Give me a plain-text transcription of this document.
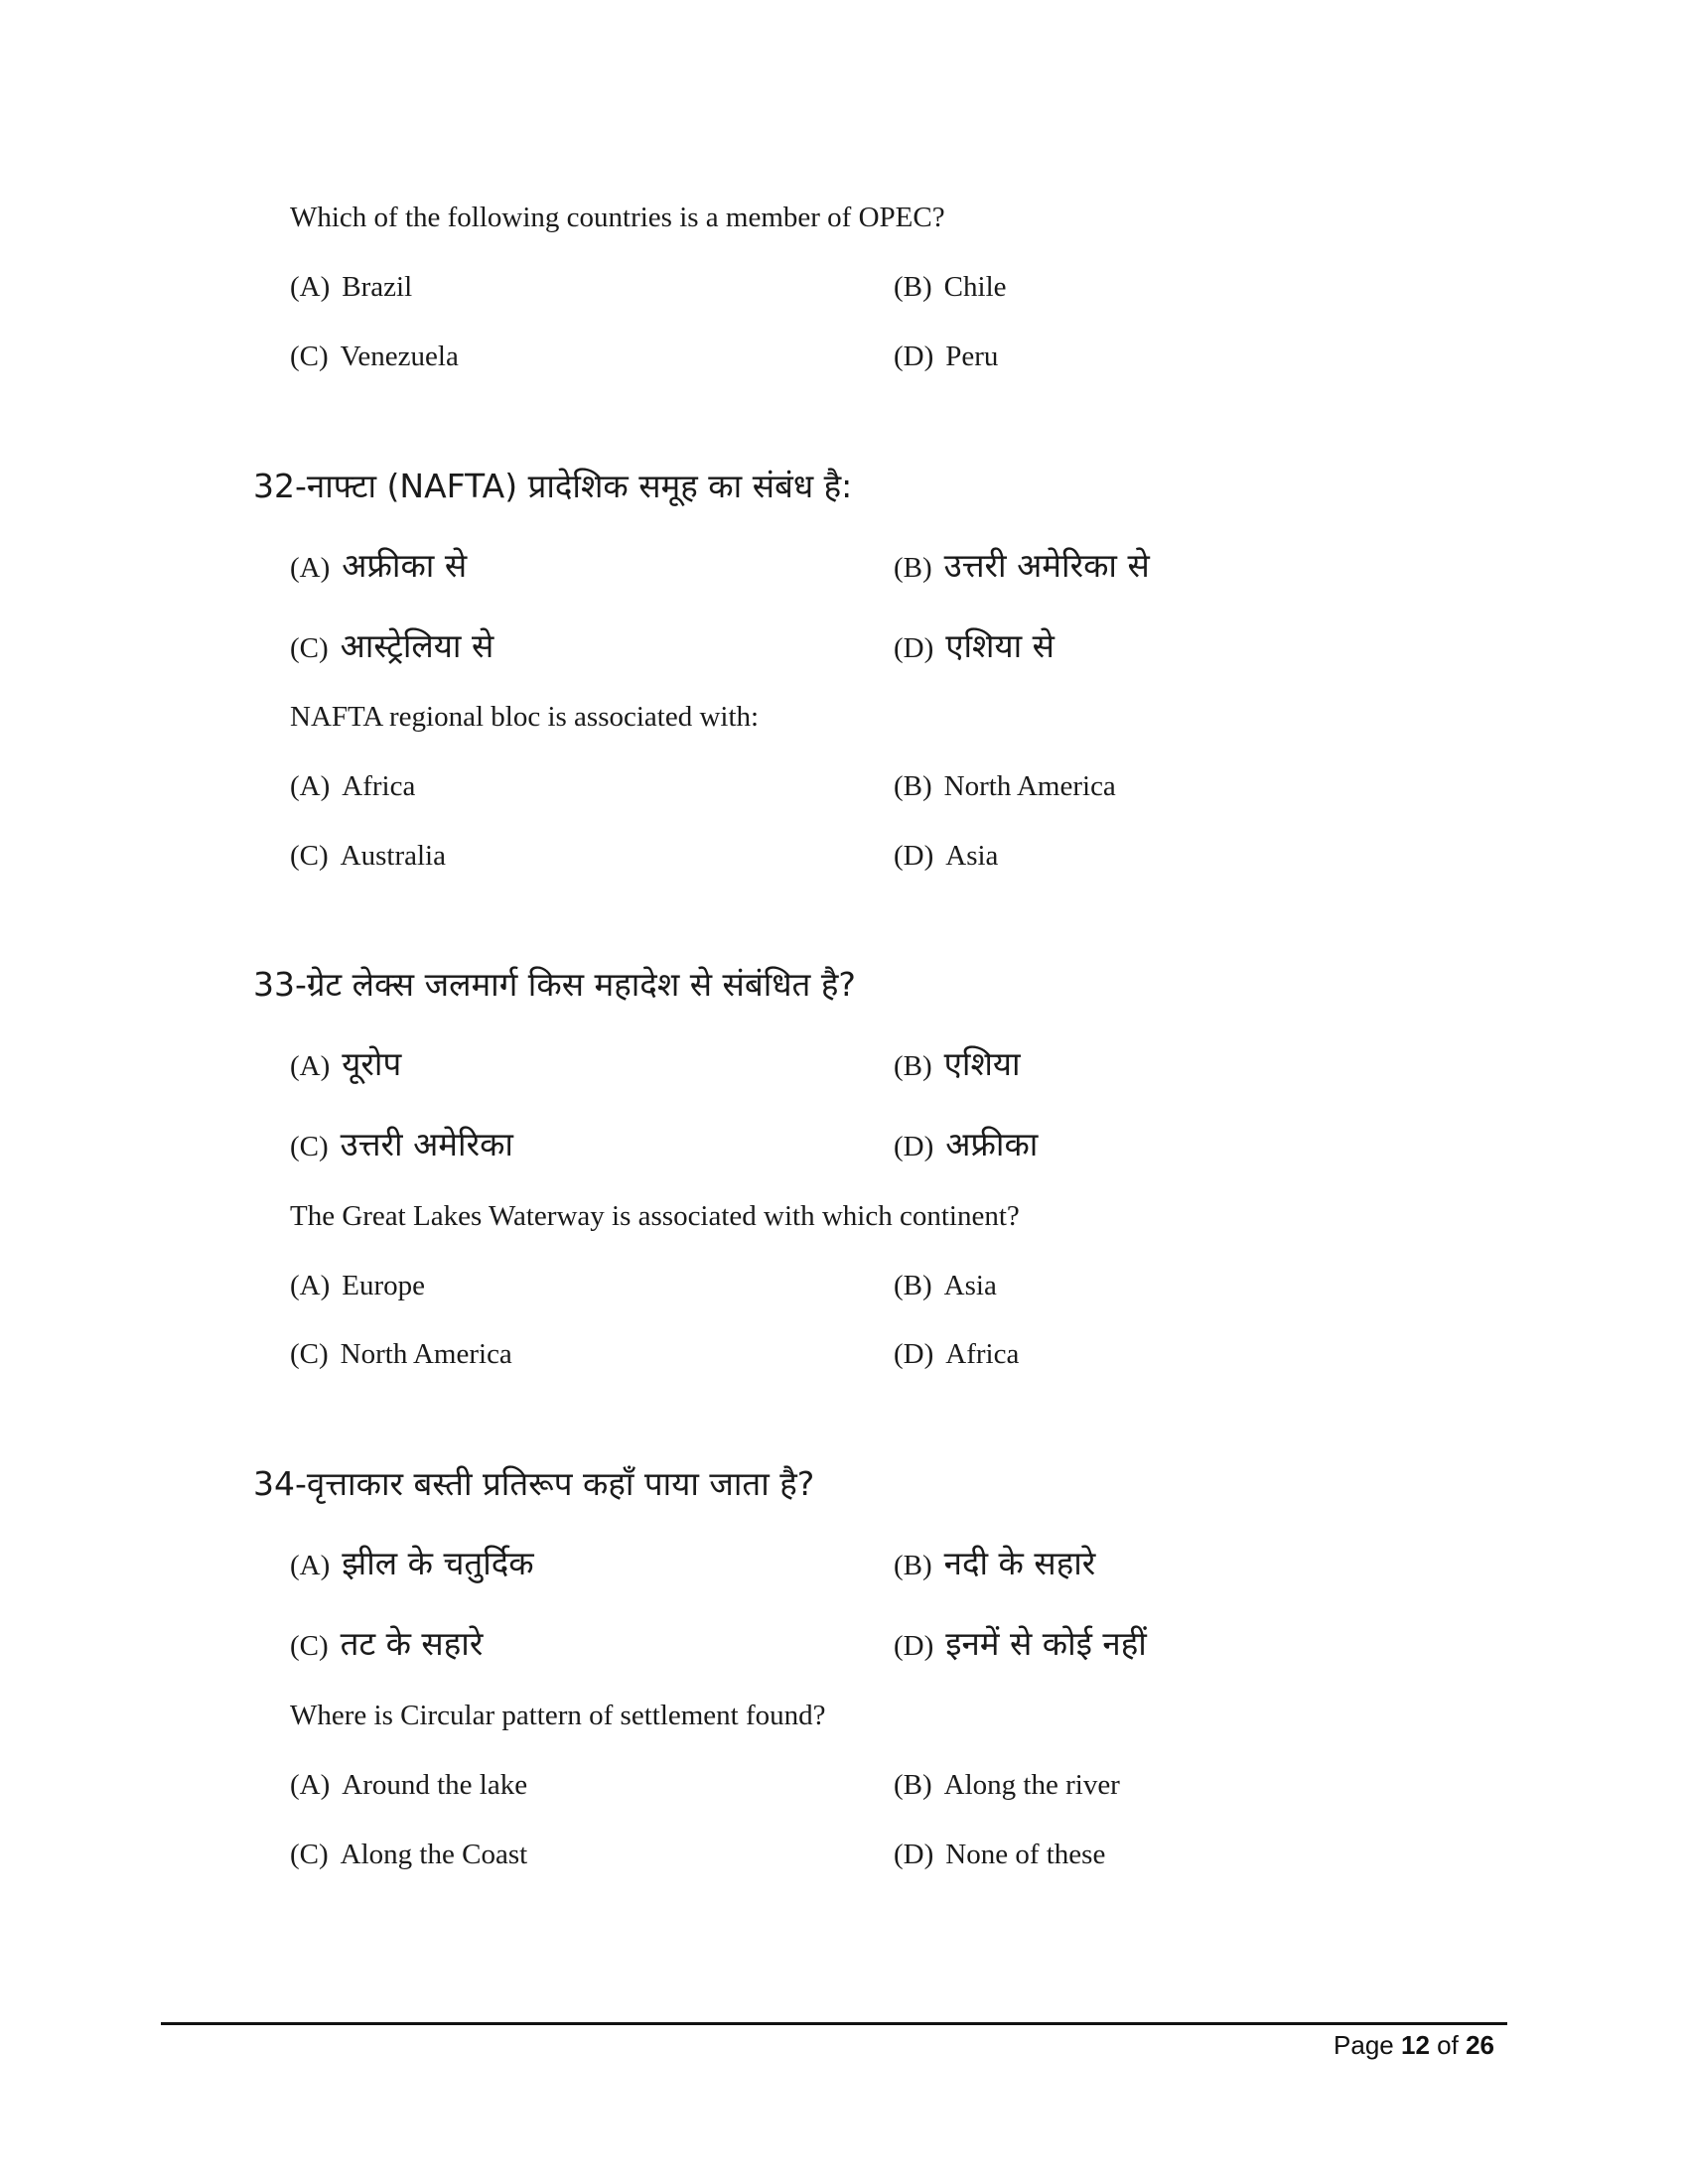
Which of the following countries is a member of OPEC?
(A) Brazil	(B) Chile
(C) Venezuela	(D) Peru
32-नाफ्टा (NAFTA) प्रादेशिक समूह का संबंध है:
(A) अफ्रीका से	(B) उत्तरी अमेरिका से
(C) आस्ट्रेलिया से	(D) एशिया से
NAFTA regional bloc is associated with:
(A) Africa	(B) North America
(C) Australia	(D) Asia
33-ग्रेट लेक्स जलमार्ग किस महादेश से संबंधित है?
(A) यूरोप	(B) एशिया
(C) उत्तरी अमेरिका	(D) अफ्रीका
The Great Lakes Waterway is associated with which continent?
(A) Europe	(B) Asia
(C) North America	(D) Africa
34-वृत्ताकार बस्ती प्रतिरूप कहाँ पाया जाता है?
(A) झील के चतुर्दिक	(B) नदी के सहारे
(C) तट के सहारे	(D) इनमें से कोई नहीं
Where is Circular pattern of settlement found?
(A) Around the lake	(B) Along the river
(C) Along the Coast	(D) None of these
Page 12 of 26
